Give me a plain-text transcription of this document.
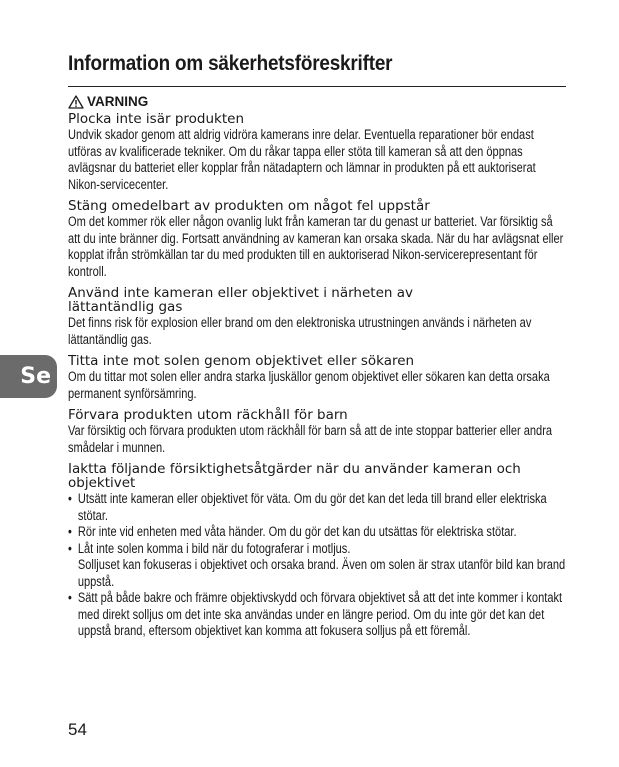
Information om säkerhetsföreskrifter
VARNING
Plocka inte isär produkten

Undvik skador genom att aldrig vidröra kamerans inre delar. Eventuella reparationer bör endast utföras av kvalificerade tekniker. Om du råkar tappa eller stöta till kameran så att den öppnas avlägsnar du batteriet eller kopplar från nätadaptern och lämnar in produkten på ett auktoriserat Nikon-servicecenter.

Stäng omedelbart av produkten om något fel uppstår

Om det kommer rök eller någon ovanlig lukt från kameran tar du genast ur batteriet. Var försiktig så att du inte bränner dig. Fortsatt användning av kameran kan orsaka skada. När du har avlägsnat eller kopplat ifrån strömkällan tar du med produkten till en auktoriserad Nikon-servicerepresentant för kontroll.

Använd inte kameran eller objektivet i närheten av lättantändlig gas

Det finns risk för explosion eller brand om den elektroniska utrustningen används i närheten av lättantändlig gas.

Titta inte mot solen genom objektivet eller sökaren

Om du tittar mot solen eller andra starka ljuskällor genom objektivet eller sökaren kan detta orsaka permanent synförsämring.

Förvara produkten utom räckhåll för barn

Var försiktig och förvara produkten utom räckhåll för barn så att de inte stoppar batterier eller andra smådelar i munnen.

Iaktta följande försiktighetsåtgärder när du använder kameran och objektivet
• Utsätt inte kameran eller objektivet för väta. Om du gör det kan det leda till brand eller elektriska stötar.
• Rör inte vid enheten med våta händer. Om du gör det kan du utsättas för elektriska stötar.
• Låt inte solen komma i bild när du fotograferar i motljus.
Solljuset kan fokuseras i objektivet och orsaka brand. Även om solen är strax utanför bild kan brand uppstå.
• Sätt på både bakre och främre objektivskydd och förvara objektivet så att det inte kommer i kontakt med direkt solljus om det inte ska användas under en längre period. Om du inte gör det kan det uppstå brand, eftersom objektivet kan komma att fokusera solljus på ett föremål.
Se
54
